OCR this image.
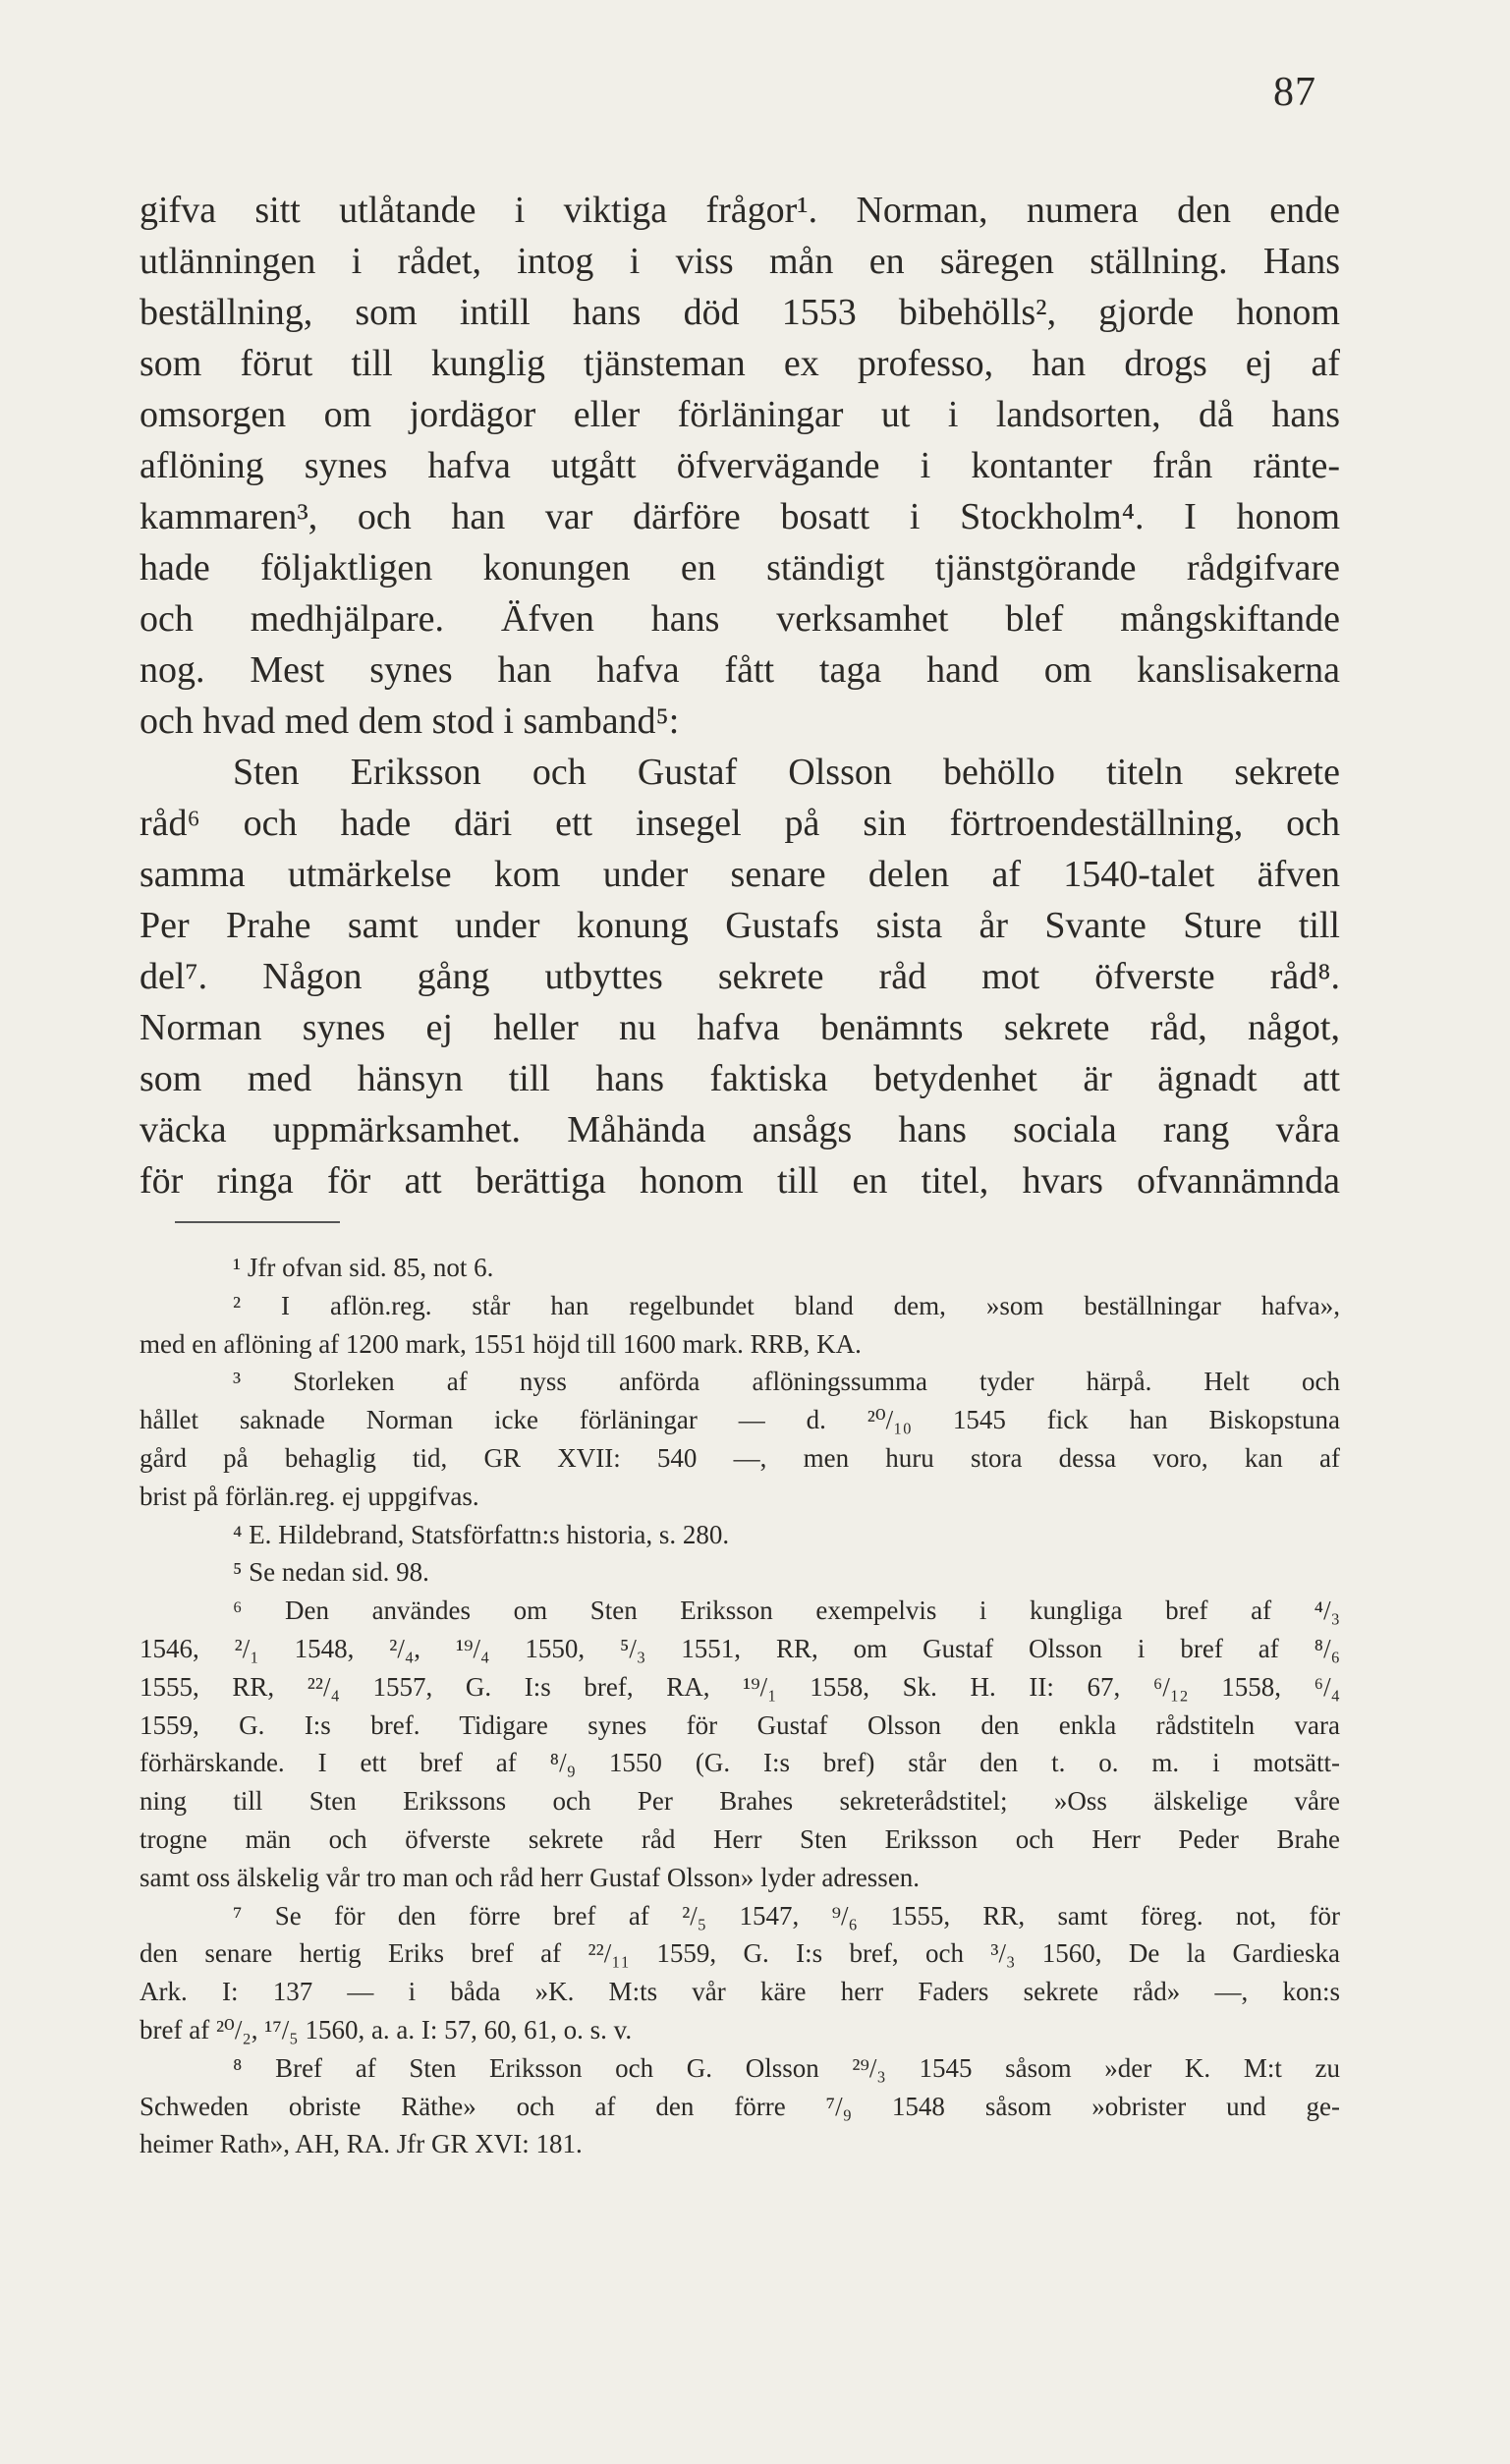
87
gifva sitt utlåtande i viktiga frågor¹. Norman, numera den ende
utlänningen i rådet, intog i viss mån en säregen ställning. Hans
beställning, som intill hans död 1553 bibehölls², gjorde honom
som förut till kunglig tjänsteman ex professo, han drogs ej af
omsorgen om jordägor eller förläningar ut i landsorten, då hans
aflöning synes hafva utgått öfvervägande i kontanter från ränte-
kammaren³, och han var därföre bosatt i Stockholm⁴. I honom
hade följaktligen konungen en ständigt tjänstgörande rådgifvare
och medhjälpare. Äfven hans verksamhet blef mångskiftande
nog. Mest synes han hafva fått taga hand om kanslisakerna
och hvad med dem stod i samband⁵:
Sten Eriksson och Gustaf Olsson behöllo titeln sekrete
råd⁶ och hade däri ett insegel på sin förtroendeställning, och
samma utmärkelse kom under senare delen af 1540-talet äfven
Per Prahe samt under konung Gustafs sista år Svante Sture till
del⁷. Någon gång utbyttes sekrete råd mot öfverste råd⁸.
Norman synes ej heller nu hafva benämnts sekrete råd, något,
som med hänsyn till hans faktiska betydenhet är ägnadt att
väcka uppmärksamhet. Måhända ansågs hans sociala rang våra
för ringa för att berättiga honom till en titel, hvars ofvannämnda
¹ Jfr ofvan sid. 85, not 6.
² I aflön.reg. står han regelbundet bland dem, »som beställningar hafva»,
med en aflöning af 1200 mark, 1551 höjd till 1600 mark. RRB, KA.
³ Storleken af nyss anförda aflöningssumma tyder härpå. Helt och
hållet saknade Norman icke förläningar — d. ²⁰/₁₀ 1545 fick han Biskopstuna
gård på behaglig tid, GR XVII: 540 —, men huru stora dessa voro, kan af
brist på förlän.reg. ej uppgifvas.
⁴ E. Hildebrand, Statsförfattn:s historia, s. 280.
⁵ Se nedan sid. 98.
⁶ Den användes om Sten Eriksson exempelvis i kungliga bref af ⁴/₃
1546, ²/₁ 1548, ²/₄, ¹⁹/₄ 1550, ⁵/₃ 1551, RR, om Gustaf Olsson i bref af ⁸/₆
1555, RR, ²²/₄ 1557, G. I:s bref, RA, ¹⁹/₁ 1558, Sk. H. II: 67, ⁶/₁₂ 1558, ⁶/₄
1559, G. I:s bref. Tidigare synes för Gustaf Olsson den enkla rådstiteln vara
förhärskande. I ett bref af ⁸/₉ 1550 (G. I:s bref) står den t. o. m. i motsätt-
ning till Sten Erikssons och Per Brahes sekreterådstitel; »Oss älskelige våre
trogne män och öfverste sekrete råd Herr Sten Eriksson och Herr Peder Brahe
samt oss älskelig vår tro man och råd herr Gustaf Olsson» lyder adressen.
⁷ Se för den förre bref af ²/₅ 1547, ⁹/₆ 1555, RR, samt föreg. not, för
den senare hertig Eriks bref af ²²/₁₁ 1559, G. I:s bref, och ³/₃ 1560, De la Gardieska
Ark. I: 137 — i båda »K. M:ts vår käre herr Faders sekrete råd» —, kon:s
bref af ²⁰/₂, ¹⁷/₅ 1560, a. a. I: 57, 60, 61, o. s. v.
⁸ Bref af Sten Eriksson och G. Olsson ²⁹/₃ 1545 såsom »der K. M:t zu
Schweden obriste Räthe» och af den förre ⁷/₉ 1548 såsom »obrister und ge-
heimer Rath», AH, RA. Jfr GR XVI: 181.
